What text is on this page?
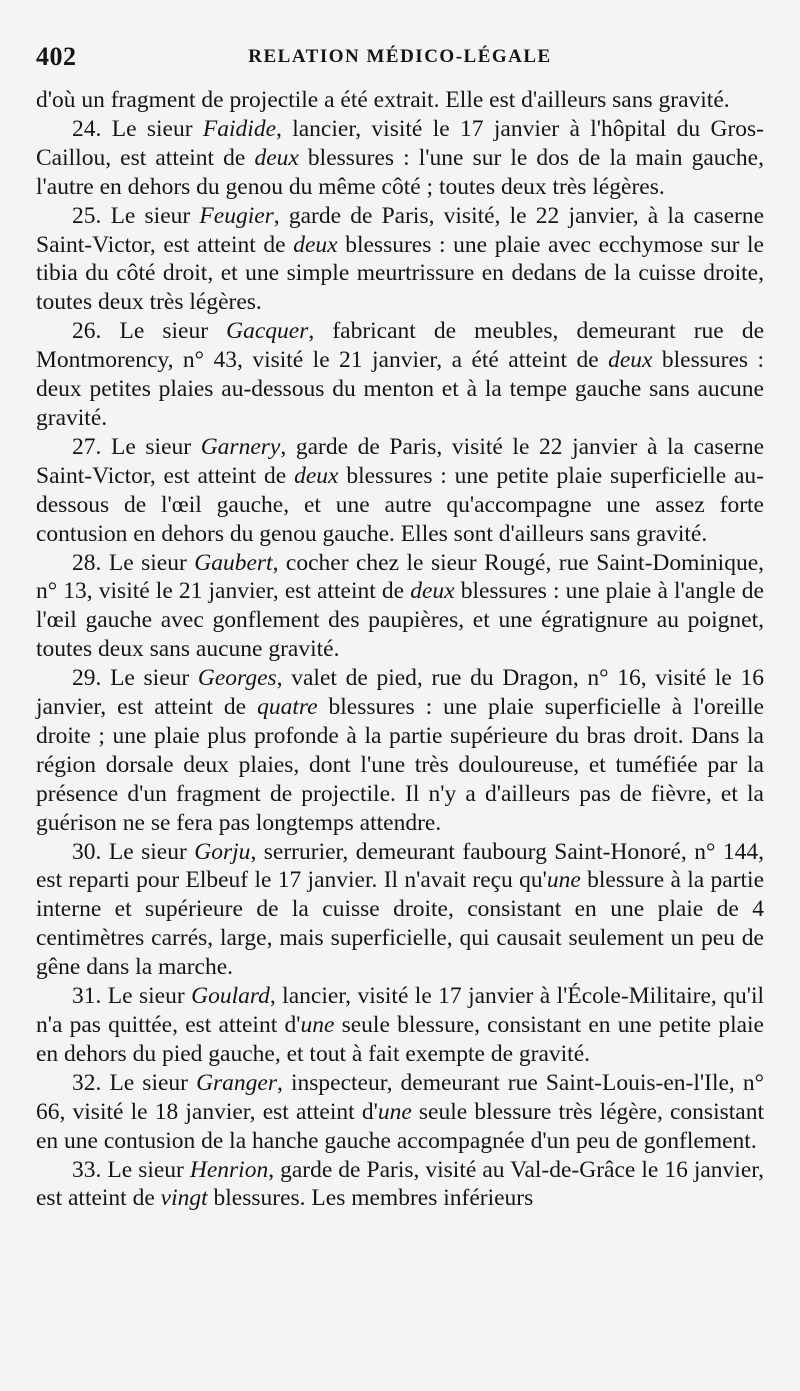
402	RELATION MÉDICO-LÉGALE

d'où un fragment de projectile a été extrait. Elle est d'ailleurs sans gravité.

24. Le sieur Faidide, lancier, visité le 17 janvier à l'hôpital du Gros-Caillou, est atteint de deux blessures : l'une sur le dos de la main gauche, l'autre en dehors du genou du même côté ; toutes deux très légères.

25. Le sieur Feugier, garde de Paris, visité, le 22 janvier, à la caserne Saint-Victor, est atteint de deux blessures : une plaie avec ecchymose sur le tibia du côté droit, et une simple meurtrissure en dedans de la cuisse droite, toutes deux très légères.

26. Le sieur Gacquer, fabricant de meubles, demeurant rue de Montmorency, n° 43, visité le 21 janvier, a été atteint de deux blessures : deux petites plaies au-dessous du menton et à la tempe gauche sans aucune gravité.

27. Le sieur Garnery, garde de Paris, visité le 22 janvier à la caserne Saint-Victor, est atteint de deux blessures : une petite plaie superficielle au-dessous de l'œil gauche, et une autre qu'accompagne une assez forte contusion en dehors du genou gauche. Elles sont d'ailleurs sans gravité.

28. Le sieur Gaubert, cocher chez le sieur Rougé, rue Saint-Dominique, n° 13, visité le 21 janvier, est atteint de deux blessures : une plaie à l'angle de l'œil gauche avec gonflement des paupières, et une égratignure au poignet, toutes deux sans aucune gravité.

29. Le sieur Georges, valet de pied, rue du Dragon, n° 16, visité le 16 janvier, est atteint de quatre blessures : une plaie superficielle à l'oreille droite ; une plaie plus profonde à la partie supérieure du bras droit. Dans la région dorsale deux plaies, dont l'une très douloureuse, et tuméfiée par la présence d'un fragment de projectile. Il n'y a d'ailleurs pas de fièvre, et la guérison ne se fera pas longtemps attendre.

30. Le sieur Gorju, serrurier, demeurant faubourg Saint-Honoré, n° 144, est reparti pour Elbeuf le 17 janvier. Il n'avait reçu qu'une blessure à la partie interne et supérieure de la cuisse droite, consistant en une plaie de 4 centimètres carrés, large, mais superficielle, qui causait seulement un peu de gêne dans la marche.

31. Le sieur Goulard, lancier, visité le 17 janvier à l'École-Militaire, qu'il n'a pas quittée, est atteint d'une seule blessure, consistant en une petite plaie en dehors du pied gauche, et tout à fait exempte de gravité.

32. Le sieur Granger, inspecteur, demeurant rue Saint-Louis-en-l'Ile, n° 66, visité le 18 janvier, est atteint d'une seule blessure très légère, consistant en une contusion de la hanche gauche accompagnée d'un peu de gonflement.

33. Le sieur Henrion, garde de Paris, visité au Val-de-Grâce le 16 janvier, est atteint de vingt blessures. Les membres inférieurs
